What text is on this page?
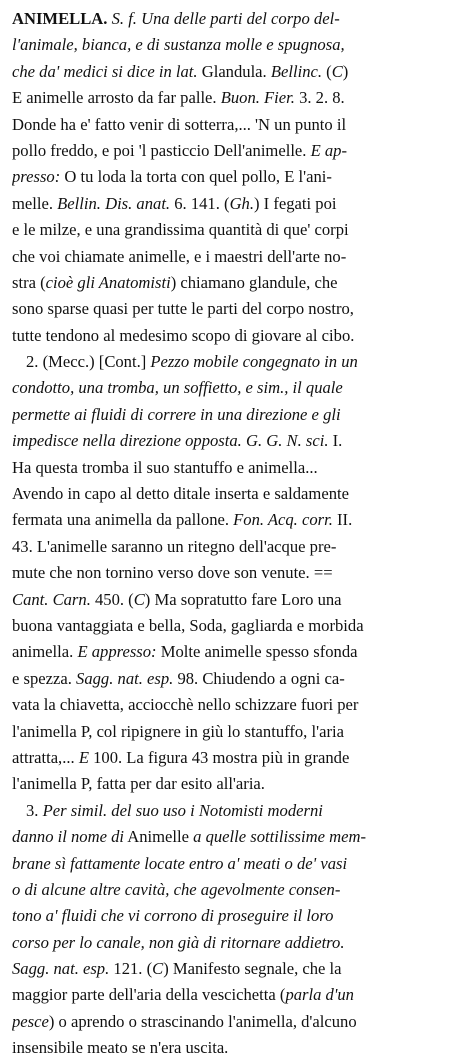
ANIMELLA. S. f. Una delle parti del corpo del-
l'animale, bianca, e di sustanza molle e spugnosa,
che da' medici si dice in lat. Glandula. Bellinc. (C)
E animelle arrosto da far palle. Buon. Fier. 3. 2. 8.
Donde ha e' fatto venir di sotterra,... 'N un punto il
pollo freddo, e poi 'l pasticcio Dell'animelle. E ap-
presso: O tu loda la torta con quel pollo, E l'ani-
melle. Bellin. Dis. anat. 6. 141. (Gh.) I fegati poi
e le milze, e una grandissima quantità di que' corpi
che voi chiamate animelle, e i maestri dell'arte no-
stra (cioè gli Anatomisti) chiamano glandule, che
sono sparse quasi per tutte le parti del corpo nostro,
tutte tendono al medesimo scopo di giovare al cibo.
2. (Mecc.) [Cont.] Pezzo mobile congegnato in un
condotto, una tromba, un soffietto, e sim., il quale
permette ai fluidi di correre in una direzione e gli
impedisce nella direzione opposta. G. G. N. sci. I.
Ha questa tromba il suo stantuffo e animella...
Avendo in capo al detto ditale inserta e saldamente
fermata una animella da pallone. Fon. Acq. corr. II.
43. L'animelle saranno un ritegno dell'acque pre-
mute che non tornino verso dove son venute. ==
Cant. Carn. 450. (C) Ma sopratutto fare Loro una
buona vantaggiata e bella, Soda, gagliarda e morbida
animella. E appresso: Molte animelle spesso sfonda
e spezza. Sagg. nat. esp. 98. Chiudendo a ogni ca-
vata la chiavetta, acciocchè nello schizzare fuori per
l'animella P, col ripignere in giù lo stantuffo, l'aria
attratta,... E 100. La figura 43 mostra più in grande
l'animella P, fatta per dar esito all'aria.
3. Per simil. del suo uso i Notomisti moderni
danno il nome di Animelle a quelle sottilissime mem-
brane sì fattamente locate entro a' meati o de' vasi
o di alcune altre cavità, che agevolmente consen-
tono a' fluidi che vi corrono di proseguire il loro
corso per lo canale, non già di ritornare addietro.
Sagg. nat. esp. 121. (C) Manifesto segnale, che la
maggior parte dell'aria della vescichetta (parla d'un
pesce) o aprendo o strascinando l'animella, d'alcuno
insensibile meato se n'era uscita.
